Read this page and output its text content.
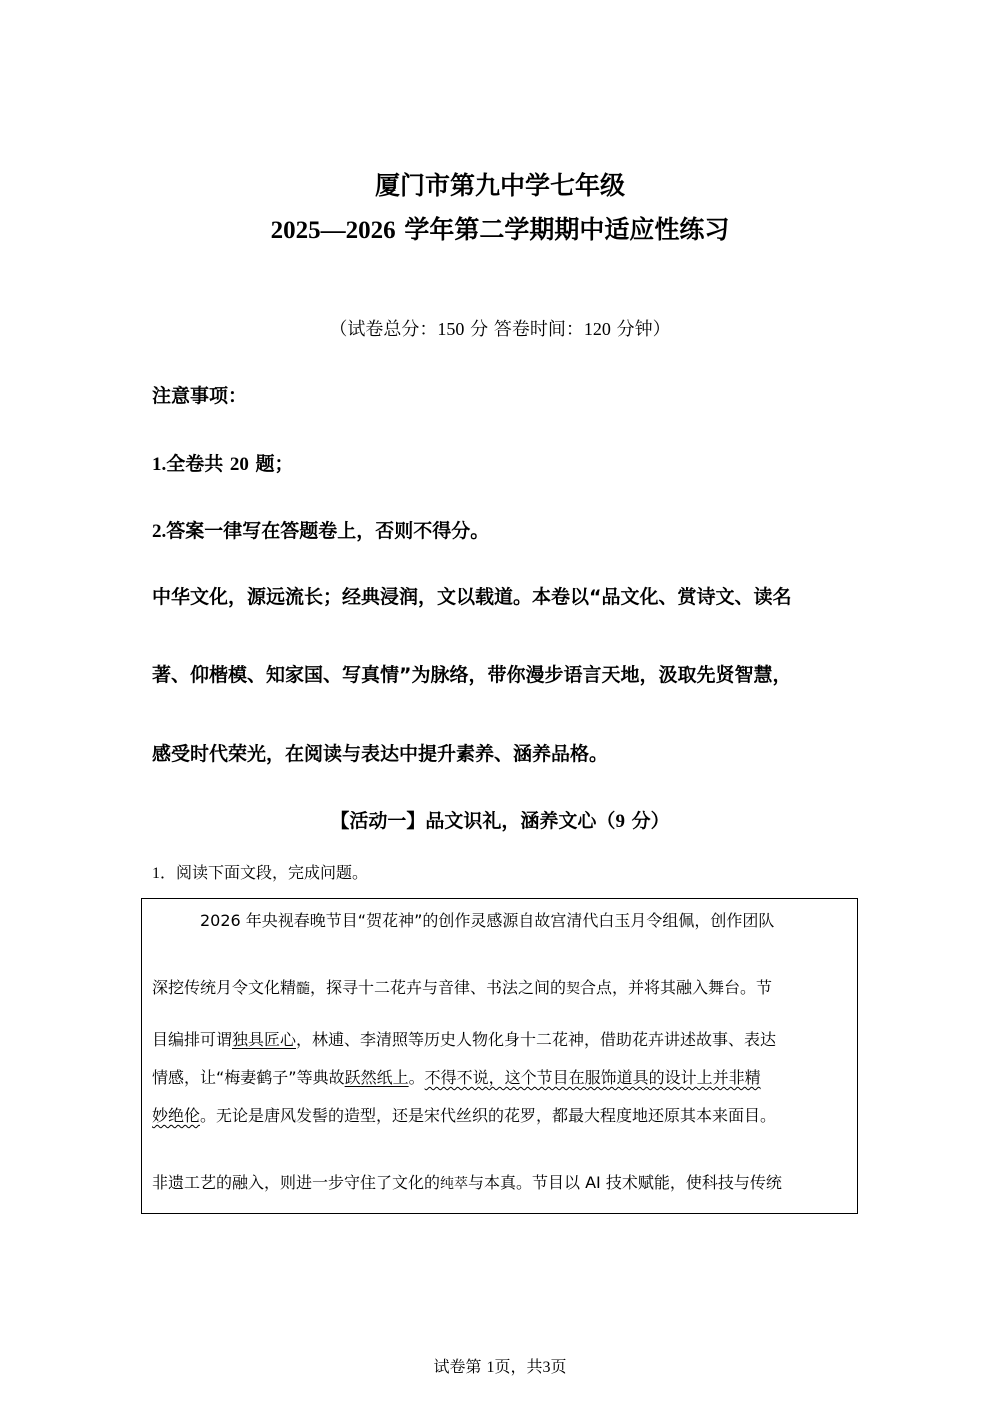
厦门市第九中学七年级
2025—2026 学年第二学期期中适应性练习
（试卷总分：150 分 答卷时间：120 分钟）
注意事项：
1.全卷共 20 题；
2.答案一律写在答题卷上，否则不得分。
中华文化，源远流长；经典浸润，文以载道。本卷以“品文化、赏诗文、读名
著、仰楷模、知家国、写真情”为脉络，带你漫步语言天地，汲取先贤智慧，
感受时代荣光，在阅读与表达中提升素养、涵养品格。
【活动一】品文识礼，涵养文心（9 分）
1．阅读下面文段，完成问题。
2026 年央视春晚节目“贺花神”的创作灵感源自故宫清代白玉月令组佩，创作团队
深挖传统月令文化精髓，探寻十二花卉与音律、书法之间的契合点，并将其融入舞台。节
目编排可谓独具匠心，林逋、李清照等历史人物化身十二花神，借助花卉讲述故事、表达
情感，让“梅妻鹤子”等典故跃然纸上。不得不说，这个节目在服饰道具的设计上并非精
妙绝伦。无论是唐风发髻的造型，还是宋代丝织的花罗，都最大程度地还原其本来面目。
非遗工艺的融入，则进一步守住了文化的纯萃与本真。节目以 AI 技术赋能，使科技与传统
试卷第 1页，共3页
